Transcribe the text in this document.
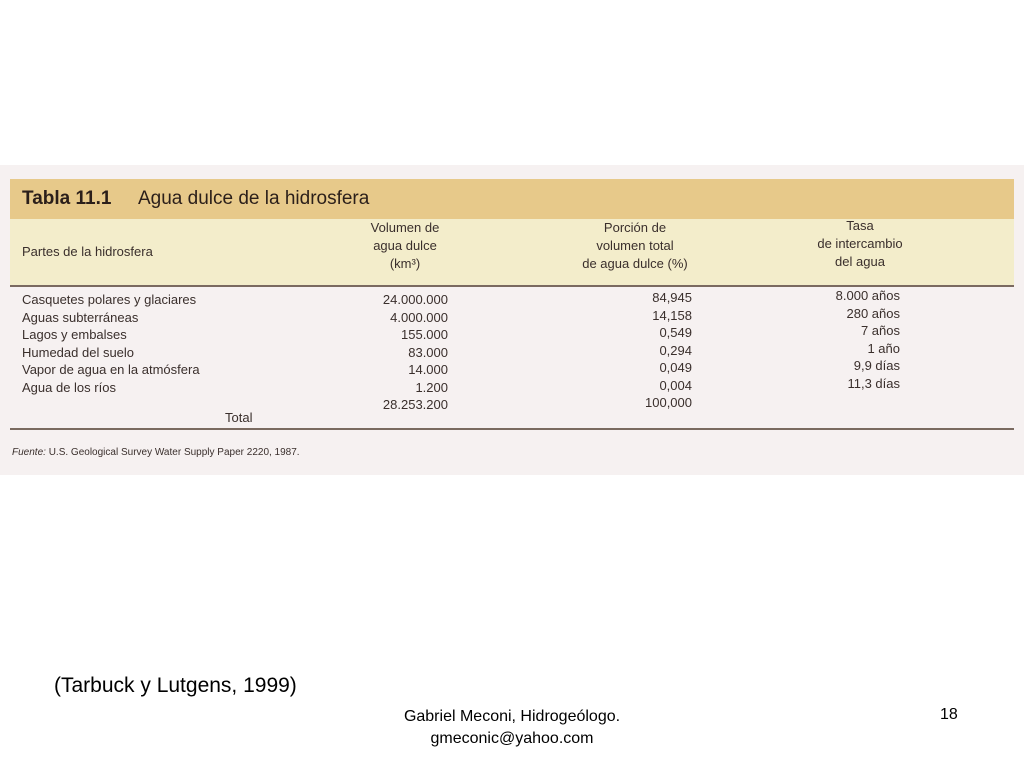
Tabla 11.1 Agua dulce de la hidrosfera
Partes de la hidrosfera
Volumen de
agua dulce
(km³)
Porción de
volumen total
de agua dulce (%)
Tasa
de intercambio
del agua
Casquetes polares y glaciares
Aguas subterráneas
Lagos y embalses
Humedad del suelo
Vapor de agua en la atmósfera
Agua de los ríos
24.000.000
4.000.000
155.000
83.000
14.000
1.200
28.253.200
84,945
14,158
0,549
0,294
0,049
0,004
100,000
8.000 años
280 años
7 años
1 año
9,9 días
11,3 días
Total
Fuente: U.S. Geological Survey Water Supply Paper 2220, 1987.
(Tarbuck y Lutgens, 1999)
Gabriel Meconi, Hidrogeólogo.
gmeconic@yahoo.com
18
